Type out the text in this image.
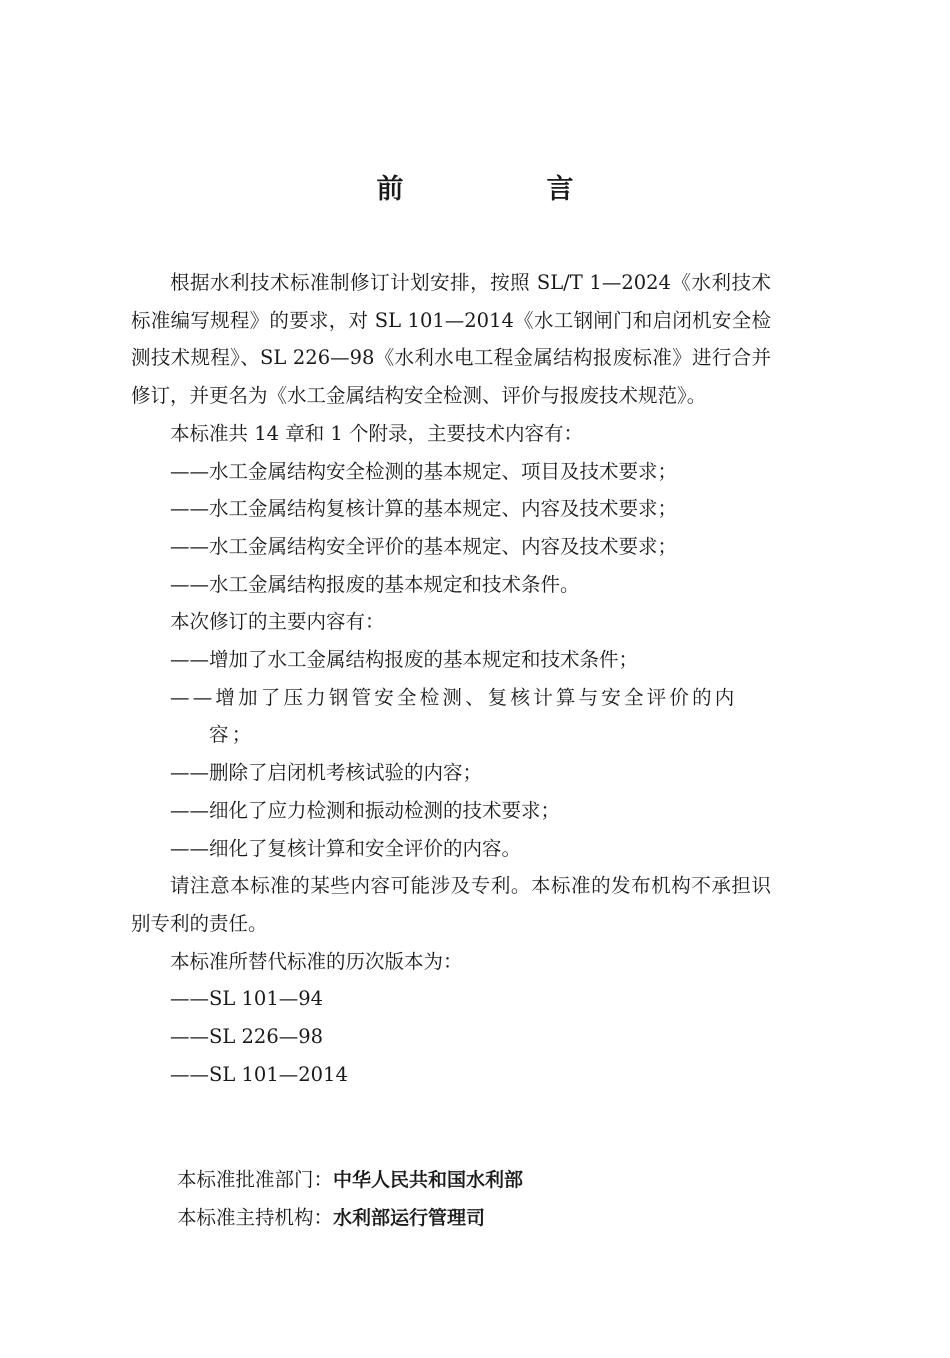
前　言

根据水利技术标准制修订计划安排，按照 SL/T 1—2024《水利技术标准编写规程》的要求，对 SL 101—2014《水工钢闸门和启闭机安全检测技术规程》、SL 226—98《水利水电工程金属结构报废标准》进行合并修订，并更名为《水工金属结构安全检测、评价与报废技术规范》。

本标准共 14 章和 1 个附录，主要技术内容有：

——水工金属结构安全检测的基本规定、项目及技术要求；

——水工金属结构复核计算的基本规定、内容及技术要求；

——水工金属结构安全评价的基本规定、内容及技术要求；

——水工金属结构报废的基本规定和技术条件。

本次修订的主要内容有：

——增加了水工金属结构报废的基本规定和技术条件；

——增加了压力钢管安全检测、复核计算与安全评价的内容；

——删除了启闭机考核试验的内容；

——细化了应力检测和振动检测的技术要求；

——细化了复核计算和安全评价的内容。

请注意本标准的某些内容可能涉及专利。本标准的发布机构不承担识别专利的责任。

本标准所替代标准的历次版本为：

——SL 101—94

——SL 226—98

——SL 101—2014

本标准批准部门：中华人民共和国水利部
本标准主持机构：水利部运行管理司
